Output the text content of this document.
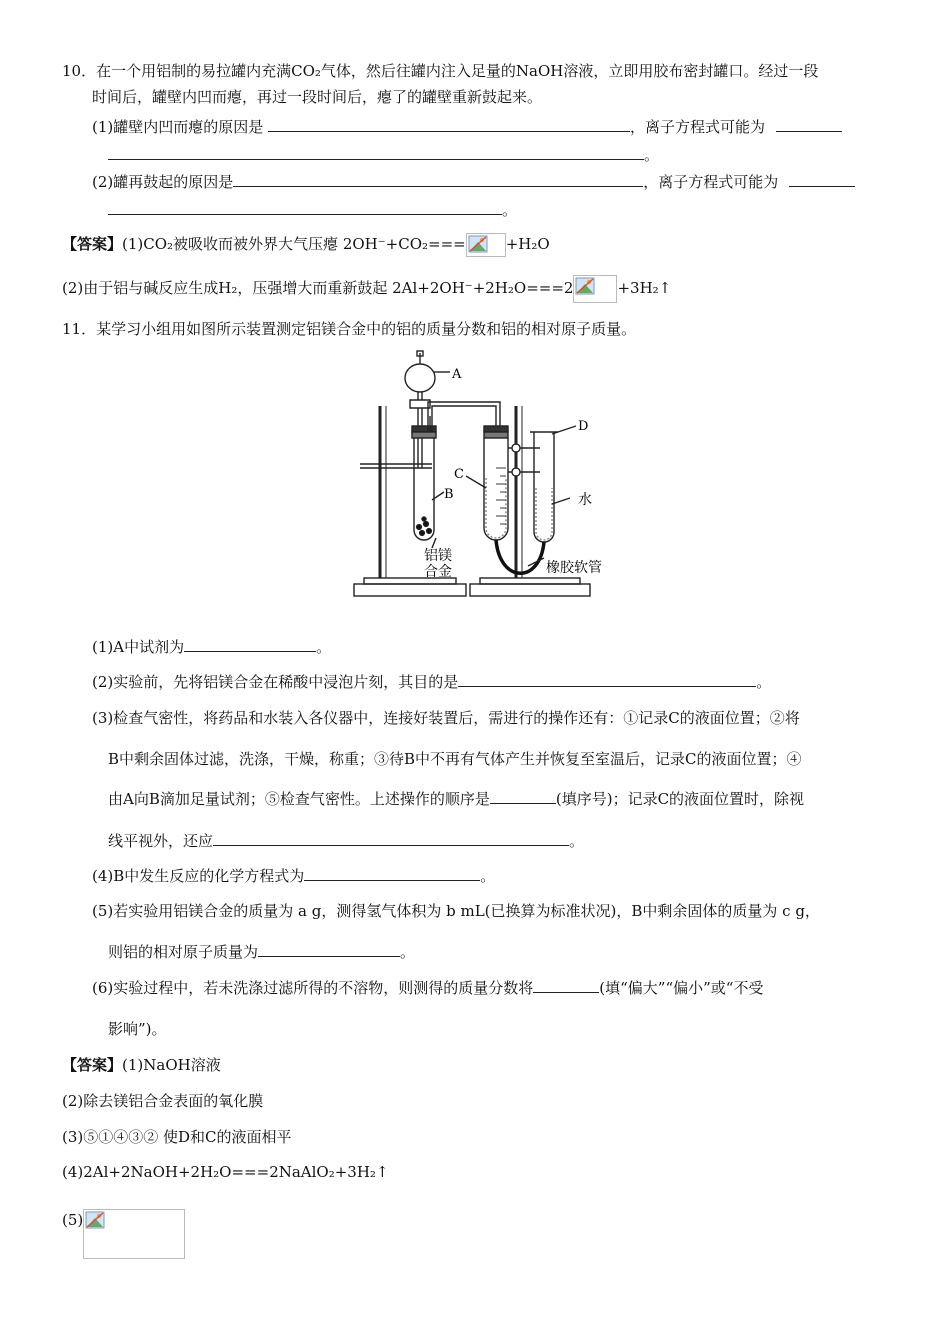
10．在一个用铝制的易拉罐内充满CO₂气体，然后往罐内注入足量的NaOH溶液，立即用胶布密封罐口。经过一段
时间后，罐壁内凹而瘪，再过一段时间后，瘪了的罐壁重新鼓起来。
(1)罐壁内凹而瘪的原因是	，离子方程式可能为
。
(2)罐再鼓起的原因是	，离子方程式可能为
。
【答案】(1)CO₂被吸收而被外界大气压瘪 2OH⁻+CO₂===	+H₂O
(2)由于铝与碱反应生成H₂，压强增大而重新鼓起 2Al+2OH⁻+2H₂O===2	+3H₂↑
11．某学习小组用如图所示装置测定铝镁合金中的铝的质量分数和铝的相对原子质量。
A
D
C
B	水
铝镁
合金	橡胶软管
(1)A中试剂为	。
(2)实验前，先将铝镁合金在稀酸中浸泡片刻，其目的是	。
(3)检查气密性，将药品和水装入各仪器中，连接好装置后，需进行的操作还有：①记录C的液面位置；②将
B中剩余固体过滤，洗涤，干燥，称重；③待B中不再有气体产生并恢复至室温后，记录C的液面位置；④
由A向B滴加足量试剂；⑤检查气密性。上述操作的顺序是	(填序号)；记录C的液面位置时，除视
线平视外，还应	。
(4)B中发生反应的化学方程式为	。
(5)若实验用铝镁合金的质量为 a g，测得氢气体积为 b mL(已换算为标准状况)，B中剩余固体的质量为 c g，
则铝的相对原子质量为	。
(6)实验过程中，若未洗涤过滤所得的不溶物，则测得的质量分数将	(填“偏大”“偏小”或“不受
影响”)。
【答案】(1)NaOH溶液
(2)除去镁铝合金表面的氧化膜
(3)⑤①④③② 使D和C的液面相平
(4)2Al+2NaOH+2H₂O===2NaAlO₂+3H₂↑
(5)
